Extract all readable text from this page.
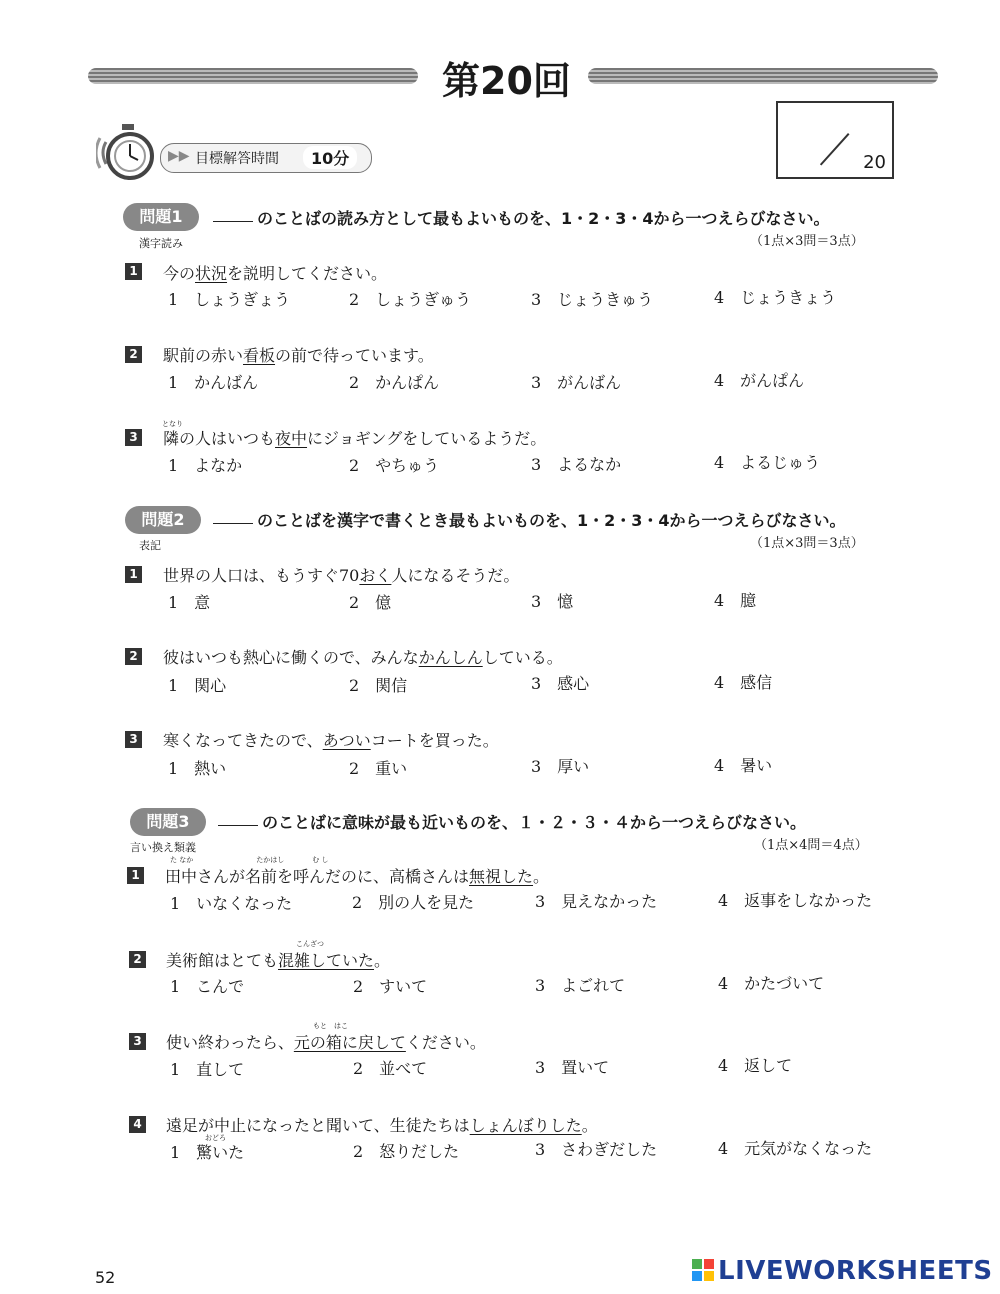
第20回
20
▶▶ 目標解答時間	10分
問題1	のことばの読み方として最もよいものを、1・2・3・4から一つえらびなさい。
漢字読み	（1点×3問＝3点）
1 今の状況を説明してください。
1　しょうぎょう	2　しょうぎゅう	3　じょうきゅう	4　じょうきょう
2 駅前の赤い看板の前で待っています。
1　かんばん	2　かんぱん	3　がんばん	4　がんぱん
となり
3 隣の人はいつも夜中にジョギングをしているようだ。
1　よなか	2　やちゅう	3　よるなか	4　よるじゅう
問題2	のことばを漢字で書くとき最もよいものを、1・2・3・4から一つえらびなさい。
表記	（1点×3問＝3点）
1 世界の人口は、もうすぐ70おく人になるそうだ。
1　意	2　億	3　憶	4　臆
2 彼はいつも熱心に働くので、みんなかんしんしている。
1　関心	2　関信	3　感心	4　感信
3 寒くなってきたので、あついコートを買った。
1　熱い	2　重い	3　厚い	4　暑い
問題3	のことばに意味が最も近いものを、１・２・３・４から一つえらびなさい。
言い換え類義	（1点×4問＝4点）
た なか　　　　　　　　　たかはし　　　　む し
1 田中さんが名前を呼んだのに、高橋さんは無視した。
1　いなくなった	2　別の人を見た	3　見えなかった	4　返事をしなかった
こんざつ
2 美術館はとても混雑していた。
1　こんで	2　すいて	3　よごれて	4　かたづいて
もと　はこ
3 使い終わったら、元の箱に戻してください。
1　直して	2　並べて	3　置いて	4　返して
4 遠足が中止になったと聞いて、生徒たちはしょんぼりした。
おどろ
1　驚いた	2　怒りだした	3　さわぎだした	4　元気がなくなった
52	LIVEWORKSHEETS
